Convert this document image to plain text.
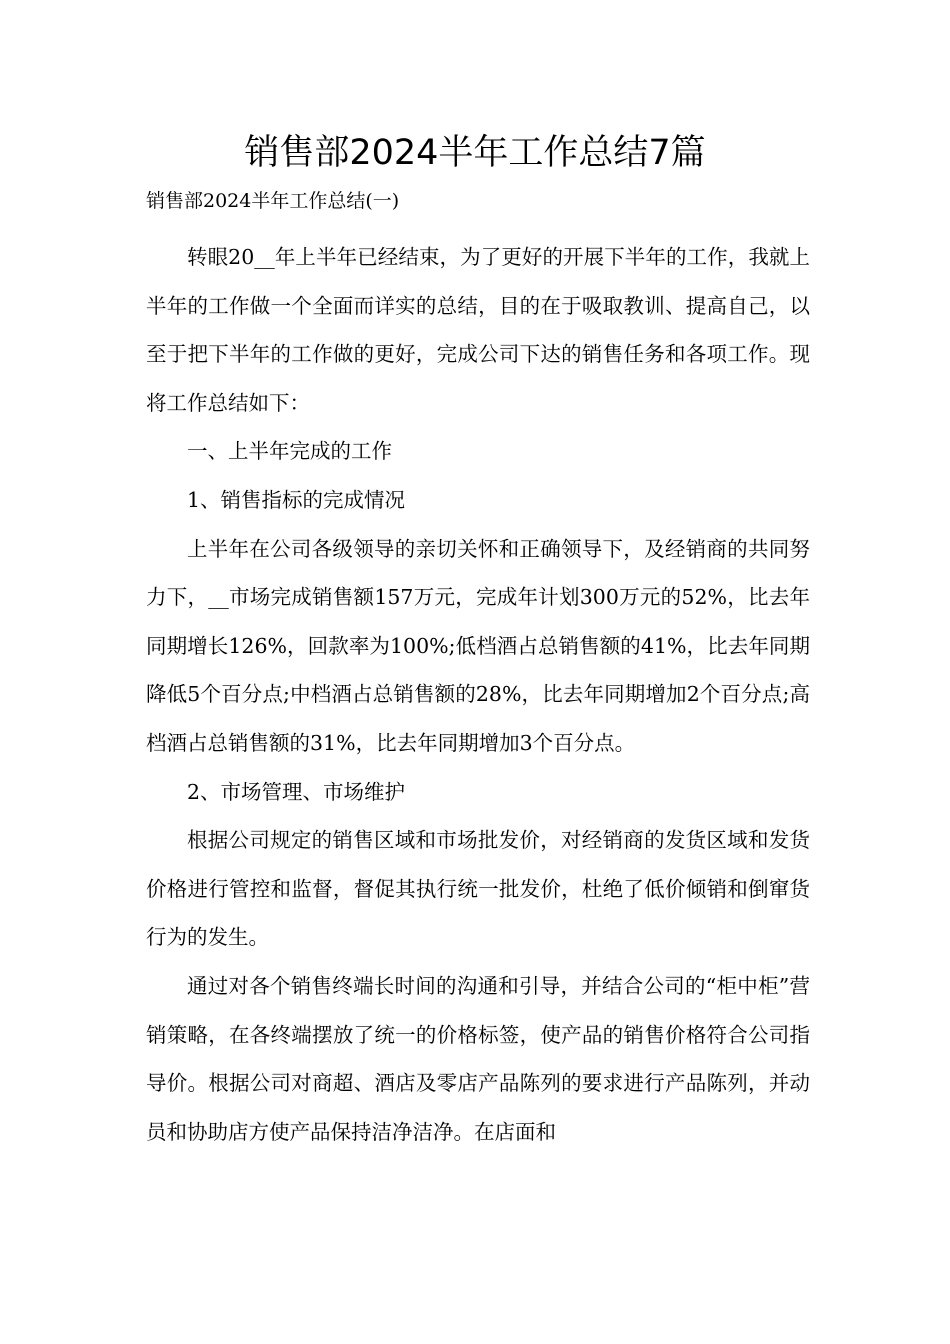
销售部2024半年工作总结7篇
销售部2024半年工作总结(一)

转眼20__年上半年已经结束，为了更好的开展下半年的工作，我就上半年的工作做一个全面而详实的总结，目的在于吸取教训、提高自己，以至于把下半年的工作做的更好，完成公司下达的销售任务和各项工作。现将工作总结如下：

一、上半年完成的工作

1、销售指标的完成情况

上半年在公司各级领导的亲切关怀和正确领导下，及经销商的共同努力下，__市场完成销售额157万元，完成年计划300万元的52%，比去年同期增长126%，回款率为100%;低档酒占总销售额的41%，比去年同期降低5个百分点;中档酒占总销售额的28%，比去年同期增加2个百分点;高档酒占总销售额的31%，比去年同期增加3个百分点。

2、市场管理、市场维护

根据公司规定的销售区域和市场批发价，对经销商的发货区域和发货价格进行管控和监督，督促其执行统一批发价，杜绝了低价倾销和倒窜货行为的发生。

通过对各个销售终端长时间的沟通和引导，并结合公司的“柜中柜”营销策略，在各终端摆放了统一的价格标签，使产品的销售价格符合公司指导价。根据公司对商超、酒店及零店产品陈列的要求进行产品陈列，并动员和协助店方使产品保持洁净洁净。在店面和
